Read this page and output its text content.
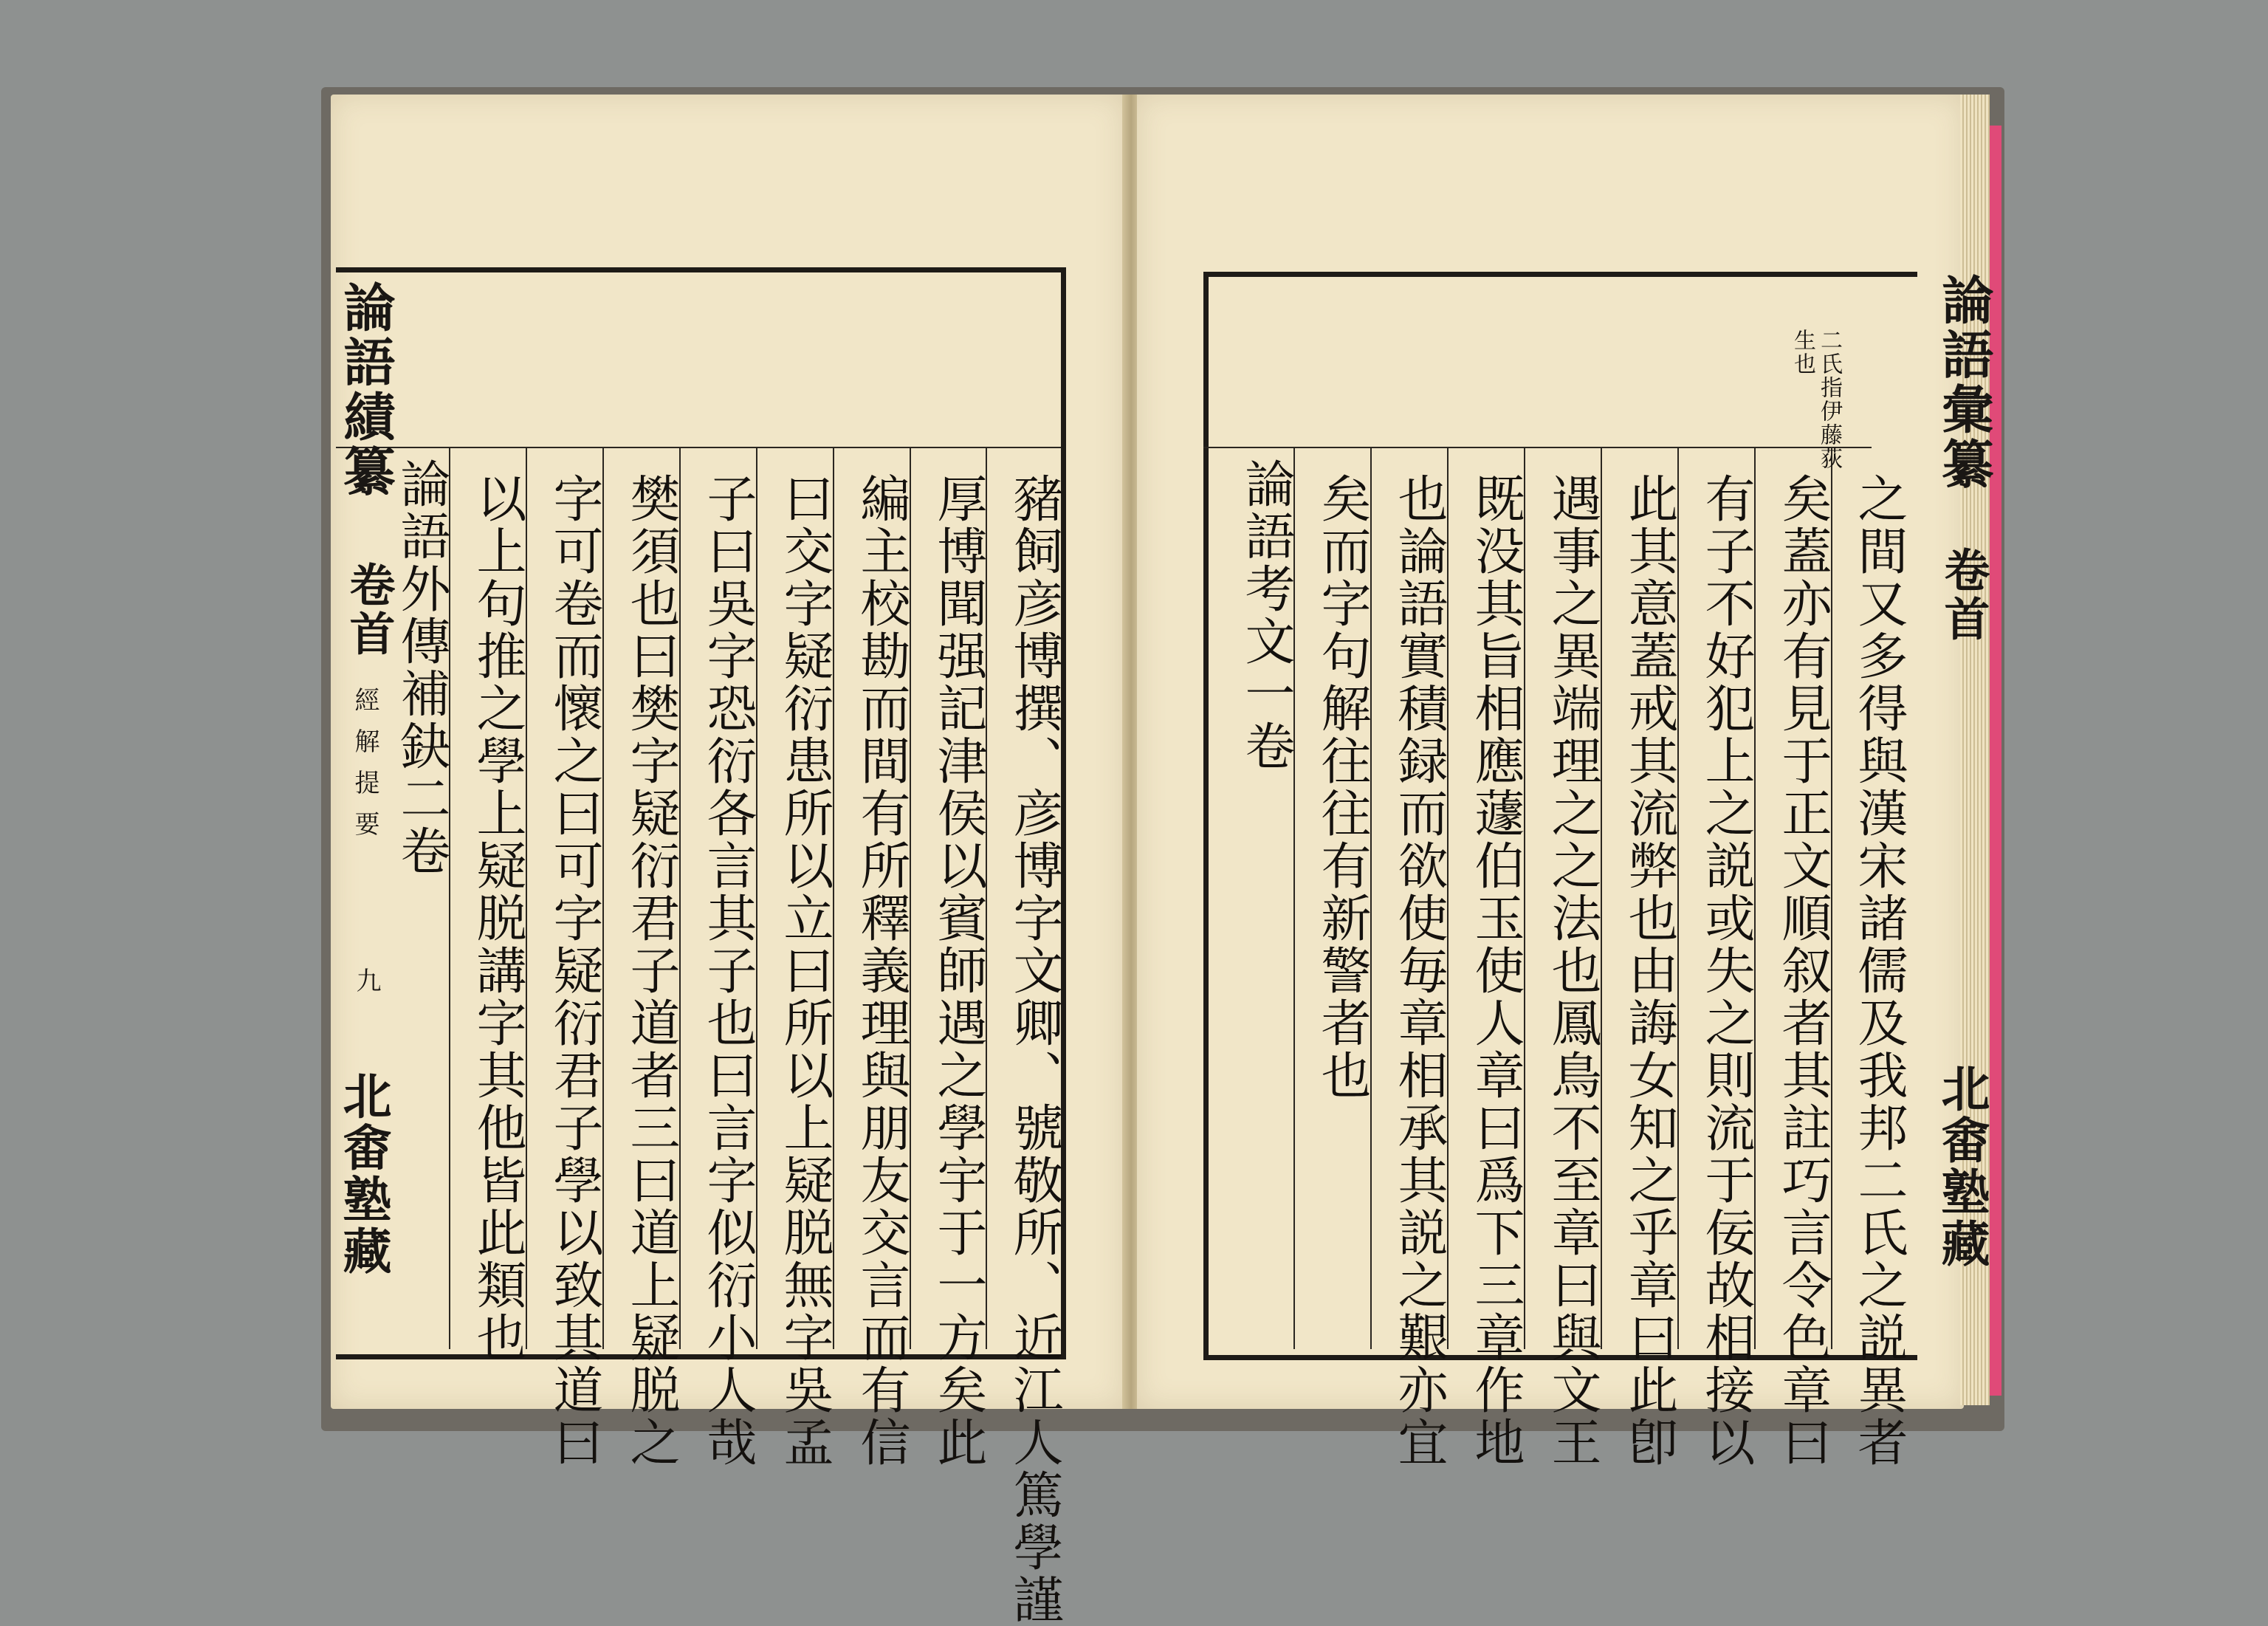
論語績纂
卷首
經解提要
九
北畬塾藏	豬飼彦博撰、彦博字文卿、號敬所、近江人篤學謹
厚博聞强記津侯以賓師遇之學宇于一方矣此
編主校勘而間有所釋義理與朋友交言而有信
曰交字疑衍患所以立曰所以上疑脱無字吳孟
子曰吳字恐衍各言其子也曰言字似衍小人哉
樊須也曰樊字疑衍君子道者三曰道上疑脱之
字可卷而懷之曰可字疑衍君子學以致其道曰
以上句推之學上疑脱講字其他皆此類也
論語外傳補鈌二卷
論語彙纂
卷首
北畬塾藏
二氏指伊藤荻
生也
之間又多得與漢宋諸儒及我邦二氏之説異者
矣蓋亦有見于正文順叙者其註巧言令色章曰
有子不好犯上之説或失之則流于佞故相接以
此其意蓋戒其流弊也由誨女知之乎章曰此卽
遇事之異端理之之法也鳳鳥不至章曰與文王
既没其旨相應蘧伯玉使人章曰爲下三章作地
也論語實積録而欲使毎章相承其説之艱亦宜
矣而字句解往往有新警者也
論語考文一卷
